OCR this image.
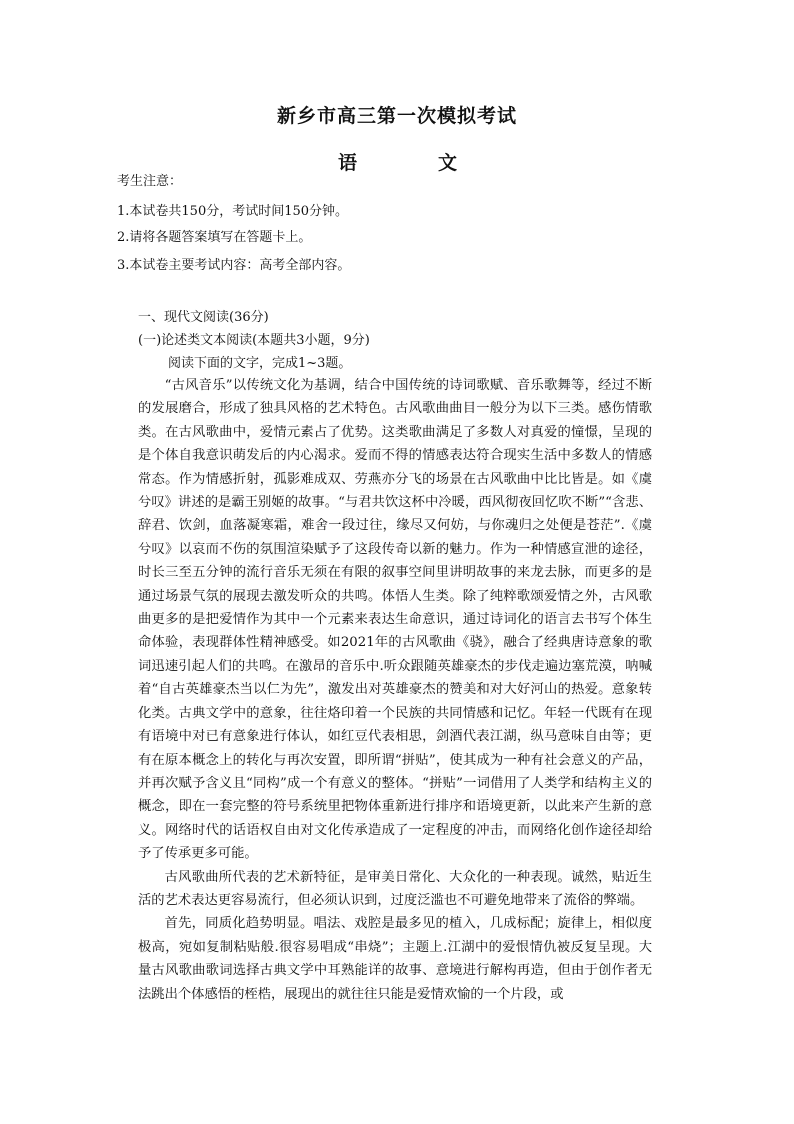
新乡市高三第一次模拟考试
语	文
考生注意：
1.本试卷共150分，考试时间150分钟。
2.请将各题答案填写在答题卡上。
3.本试卷主要考试内容：高考全部内容。
一、现代文阅读(36分)
(一)论述类文本阅读(本题共3小题，9分)
阅读下面的文字，完成1~3题。

“古风音乐”以传统文化为基调，结合中国传统的诗词歌赋、音乐歌舞等，经过不断的发展磨合，形成了独具风格的艺术特色。古风歌曲曲目一般分为以下三类。感伤情歌类。在古风歌曲中，爱情元素占了优势。这类歌曲满足了多数人对真爱的憧憬，呈现的是个体自我意识萌发后的内心渴求。爱而不得的情感表达符合现实生活中多数人的情感常态。作为情感折射，孤影难成双、劳燕亦分飞的场景在古风歌曲中比比皆是。如《虞兮叹》讲述的是霸王别姬的故事。“与君共饮这杯中冷暖，西风彻夜回忆吹不断”“含悲、辞君、饮剑，血落凝寒霜，难舍一段过往，缘尽又何妨，与你魂归之处便是苍茫”.《虞兮叹》以哀而不伤的氛围渲染赋予了这段传奇以新的魅力。作为一种情感宣泄的途径，时长三至五分钟的流行音乐无须在有限的叙事空间里讲明故事的来龙去脉，而更多的是通过场景气氛的展现去激发听众的共鸣。体悟人生类。除了纯粹歌颂爱情之外，古风歌曲更多的是把爱情作为其中一个元素来表达生命意识，通过诗词化的语言去书写个体生命体验，表现群体性精神感受。如2021年的古风歌曲《骁》，融合了经典唐诗意象的歌词迅速引起人们的共鸣。在激昂的音乐中.听众跟随英雄豪杰的步伐走遍边塞荒漠，呐喊着“自古英雄豪杰当以仁为先”，激发出对英雄豪杰的赞美和对大好河山的热爱。意象转化类。古典文学中的意象，往往烙印着一个民族的共同情感和记忆。年轻一代既有在现有语境中对已有意象进行体认，如红豆代表相思，剑酒代表江湖，纵马意味自由等；更有在原本概念上的转化与再次安置，即所谓“拼贴”，使其成为一种有社会意义的产品，并再次赋予含义且“同构”成一个有意义的整体。“拼贴”一词借用了人类学和结构主义的概念，即在一套完整的符号系统里把物体重新进行排序和语境更新，以此来产生新的意义。网络时代的话语权自由对文化传承造成了一定程度的冲击，而网络化创作途径却给予了传承更多可能。

古风歌曲所代表的艺术新特征，是审美日常化、大众化的一种表现。诚然，贴近生活的艺术表达更容易流行，但必须认识到，过度泛滥也不可避免地带来了流俗的弊端。

首先，同质化趋势明显。唱法、戏腔是最多见的植入，几成标配；旋律上，相似度极高，宛如复制粘贴般.很容易唱成“串烧”；主题上.江湖中的爱恨情仇被反复呈现。大量古风歌曲歌词选择古典文学中耳熟能详的故事、意境进行解构再造，但由于创作者无法跳出个体感悟的桎梏，展现出的就往往只能是爱情欢愉的一个片段，或
